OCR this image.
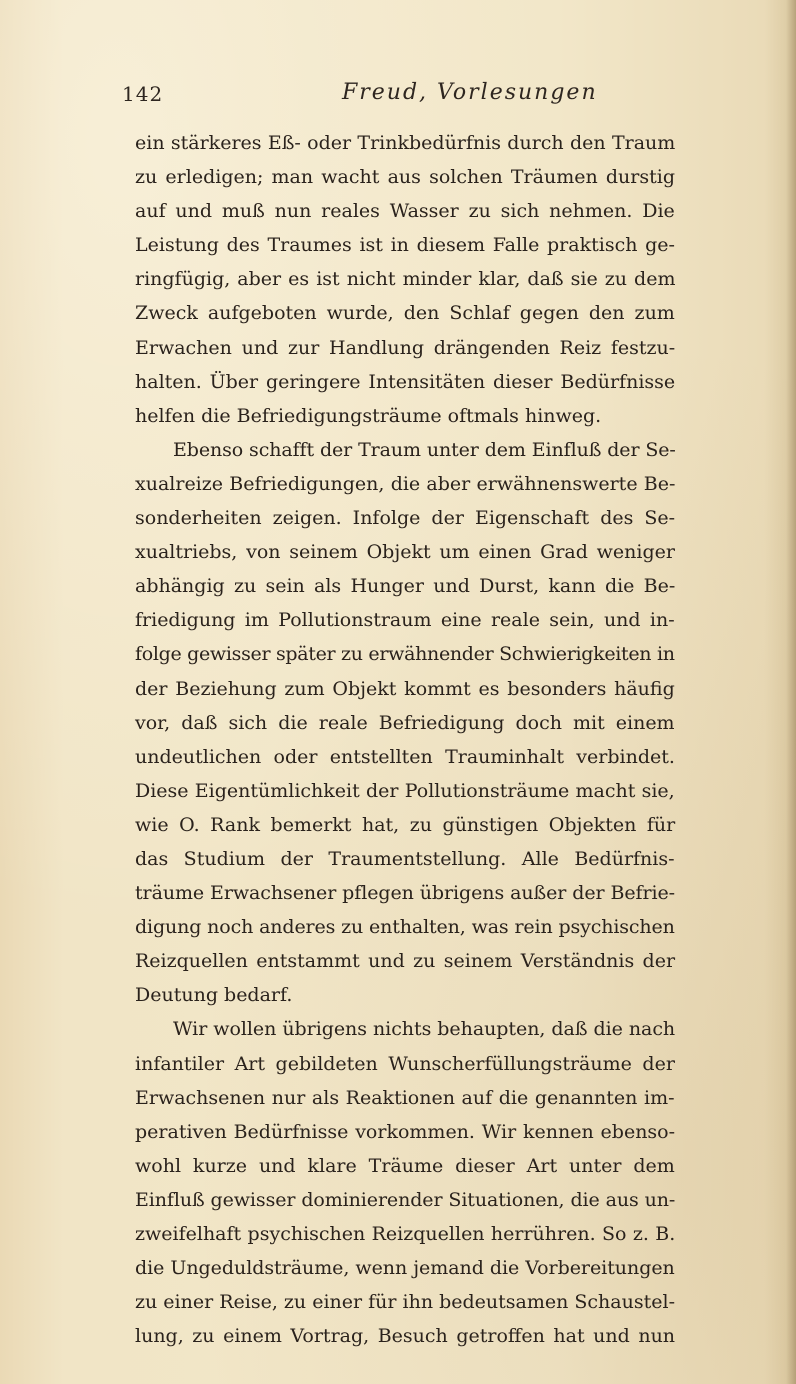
142	Freud, Vorlesungen
ein stärkeres Eß- oder Trinkbedürfnis durch den Traum
zu erledigen; man wacht aus solchen Träumen durstig
auf und muß nun reales Wasser zu sich nehmen. Die
Leistung des Traumes ist in diesem Falle praktisch ge-
ringfügig, aber es ist nicht minder klar, daß sie zu dem
Zweck aufgeboten wurde, den Schlaf gegen den zum
Erwachen und zur Handlung drängenden Reiz festzu-
halten. Über geringere Intensitäten dieser Bedürfnisse
helfen die Befriedigungsträume oftmals hinweg.
Ebenso schafft der Traum unter dem Einfluß der Se-
xualreize Befriedigungen, die aber erwähnenswerte Be-
sonderheiten zeigen. Infolge der Eigenschaft des Se-
xualtriebs, von seinem Objekt um einen Grad weniger
abhängig zu sein als Hunger und Durst, kann die Be-
friedigung im Pollutionstraum eine reale sein, und in-
folge gewisser später zu erwähnender Schwierigkeiten in
der Beziehung zum Objekt kommt es besonders häufig
vor, daß sich die reale Befriedigung doch mit einem
undeutlichen oder entstellten Trauminhalt verbindet.
Diese Eigentümlichkeit der Pollutionsträume macht sie,
wie O. Rank bemerkt hat, zu günstigen Objekten für
das Studium der Traumentstellung. Alle Bedürfnis-
träume Erwachsener pflegen übrigens außer der Befrie-
digung noch anderes zu enthalten, was rein psychischen
Reizquellen entstammt und zu seinem Verständnis der
Deutung bedarf.
Wir wollen übrigens nichts behaupten, daß die nach
infantiler Art gebildeten Wunscherfüllungsträume der
Erwachsenen nur als Reaktionen auf die genannten im-
perativen Bedürfnisse vorkommen. Wir kennen ebenso-
wohl kurze und klare Träume dieser Art unter dem
Einfluß gewisser dominierender Situationen, die aus un-
zweifelhaft psychischen Reizquellen herrühren. So z. B.
die Ungeduldsträume, wenn jemand die Vorbereitungen
zu einer Reise, zu einer für ihn bedeutsamen Schaustel-
lung, zu einem Vortrag, Besuch getroffen hat und nun
